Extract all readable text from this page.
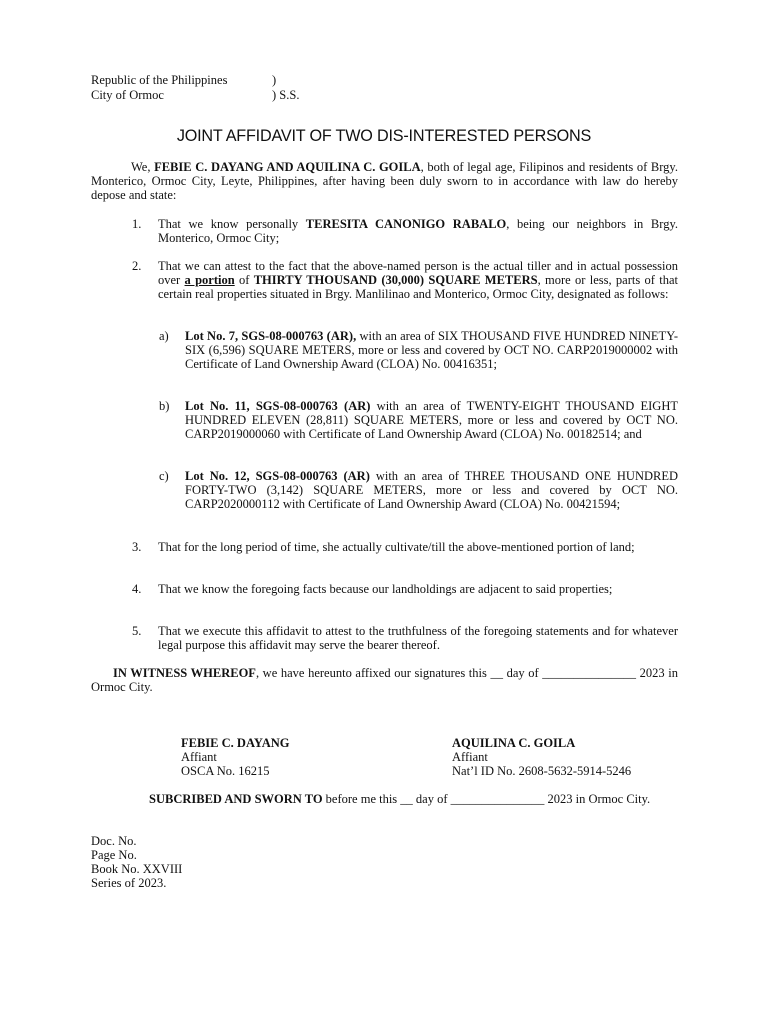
Republic of the Philippines	)
City of Ormoc	) S.S.
JOINT AFFIDAVIT OF TWO DIS-INTERESTED PERSONS
We, FEBIE C. DAYANG AND AQUILINA C. GOILA, both of legal age, Filipinos and residents of Brgy. Monterico, Ormoc City, Leyte, Philippines, after having been duly sworn to in accordance with law do hereby depose and state:
1. That we know personally TERESITA CANONIGO RABALO, being our neighbors in Brgy. Monterico, Ormoc City;
2. That we can attest to the fact that the above-named person is the actual tiller and in actual possession over a portion of THIRTY THOUSAND (30,000) SQUARE METERS, more or less, parts of that certain real properties situated in Brgy. Manlilinao and Monterico, Ormoc City, designated as follows:
a) Lot No. 7, SGS-08-000763 (AR), with an area of SIX THOUSAND FIVE HUNDRED NINETY-SIX (6,596) SQUARE METERS, more or less and covered by OCT NO. CARP2019000002 with Certificate of Land Ownership Award (CLOA) No. 00416351;
b) Lot No. 11, SGS-08-000763 (AR) with an area of TWENTY-EIGHT THOUSAND EIGHT HUNDRED ELEVEN (28,811) SQUARE METERS, more or less and covered by OCT NO. CARP2019000060 with Certificate of Land Ownership Award (CLOA) No. 00182514; and
c) Lot No. 12, SGS-08-000763 (AR) with an area of THREE THOUSAND ONE HUNDRED FORTY-TWO (3,142) SQUARE METERS, more or less and covered by OCT NO. CARP2020000112 with Certificate of Land Ownership Award (CLOA) No. 00421594;
3. That for the long period of time, she actually cultivate/till the above-mentioned portion of land;
4. That we know the foregoing facts because our landholdings are adjacent to said properties;
5. That we execute this affidavit to attest to the truthfulness of the foregoing statements and for whatever legal purpose this affidavit may serve the bearer thereof.
IN WITNESS WHEREOF, we have hereunto affixed our signatures this __ day of _______________ 2023 in Ormoc City.
FEBIE C. DAYANG
Affiant
OSCA No. 16215
AQUILINA C. GOILA
Affiant
Nat’l ID No. 2608-5632-5914-5246
SUBCRIBED AND SWORN TO before me this __ day of _______________ 2023 in Ormoc City.
Doc. No.
Page No.
Book No. XXVIII
Series of 2023.
